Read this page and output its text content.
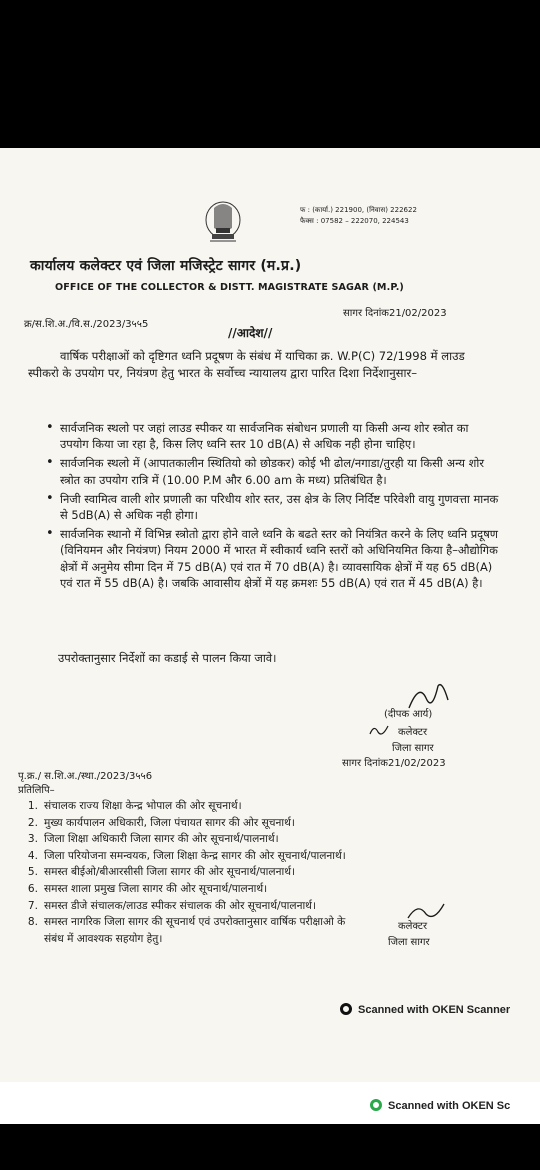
फ : (कार्या.) 221900, (निवास) 222622
फैक्स : 07582 – 222070, 224543
कार्यालय कलेक्टर एवं जिला मजिस्ट्रेट सागर (म.प्र.)
OFFICE OF THE COLLECTOR & DISTT. MAGISTRATE SAGAR (M.P.)
सागर दिनांक21/02/2023
क्र/स.शि.अ./वि.स./2023/3५५5
//आदेश//
वार्षिक परीक्षाओं को दृष्टिगत ध्वनि प्रदूषण के संबंध में याचिका क्र. W.P(C) 72/1998 में लाउड स्पीकरो के उपयोग पर, नियंत्रण हेतु भारत के सर्वोच्च न्यायालय द्वारा पारित दिशा निर्देशानुसार–
• सार्वजनिक स्थलो पर जहां लाउड स्पीकर या सार्वजनिक संबोधन प्रणाली या किसी अन्य शोर स्त्रोत का उपयोग किया जा रहा है, किस लिए ध्वनि स्तर 10 dB(A) से अधिक नही होना चाहिए।
• सार्वजनिक स्थलो में (आपातकालीन स्थितियो को छोडकर) कोई भी ढोल/नगाडा/तुरही या किसी अन्य शोर स्त्रोत का उपयोग रात्रि में (10.00 P.M और 6.00 am के मध्य) प्रतिबंधित है।
• निजी स्वामित्व वाली शोर प्रणाली का परिधीय शोर स्तर, उस क्षेत्र के लिए निर्दिष्ट परिवेशी वायु गुणवत्ता मानक से 5dB(A) से अधिक नही होगा।
• सार्वजनिक स्थानो में विभिन्न स्त्रोतो द्वारा होने वाले ध्वनि के बढते स्तर को नियंत्रित करने के लिए ध्वनि प्रदूषण (विनियमन और नियंत्रण) नियम 2000 में भारत में स्वीकार्य ध्वनि स्तरों को अधिनियमित किया है–औद्योगिक क्षेत्रों में अनुमेय सीमा दिन में 75 dB(A) एवं रात में 70 dB(A) है। व्यावसायिक क्षेत्रों में यह 65 dB(A) एवं रात में 55 dB(A) है। जबकि आवासीय क्षेत्रों में यह क्रमशः 55 dB(A) एवं रात में 45 dB(A) है।
उपरोक्तानुसार निर्देशों का कडाई से पालन किया जावे।
(दीपक आर्य)
कलेक्टर
जिला सागर
सागर दिनांक21/02/2023
पृ.क्र./ स.शि.अ./स्था./2023/3५५6
प्रतिलिपि–
1. संचालक राज्य शिक्षा केन्द्र भोपाल की ओर सूचनार्थ।
2. मुख्य कार्यपालन अधिकारी, जिला पंचायत सागर की ओर सूचनार्थ।
3. जिला शिक्षा अधिकारी जिला सागर की ओर सूचनार्थ/पालनार्थ।
4. जिला परियोजना समन्वयक, जिला शिक्षा केन्द्र सागर की ओर सूचनार्थ/पालनार्थ।
5. समस्त बीईओ/बीआरसीसी जिला सागर की ओर सूचनार्थ/पालनार्थ।
6. समस्त शाला प्रमुख जिला सागर की ओर सूचनार्थ/पालनार्थ।
7. समस्त डीजे संचालक/लाउड स्पीकर संचालक की ओर सूचनार्थ/पालनार्थ।
8. समस्त नागरिक जिला सागर की सूचनार्थ एवं उपरोक्तानुसार वार्षिक परीक्षाओ के
संबंध में आवश्यक सहयोग हेतु।
कलेक्टर
जिला सागर
Scanned with OKEN Scanner
Scanned with OKEN Sc
